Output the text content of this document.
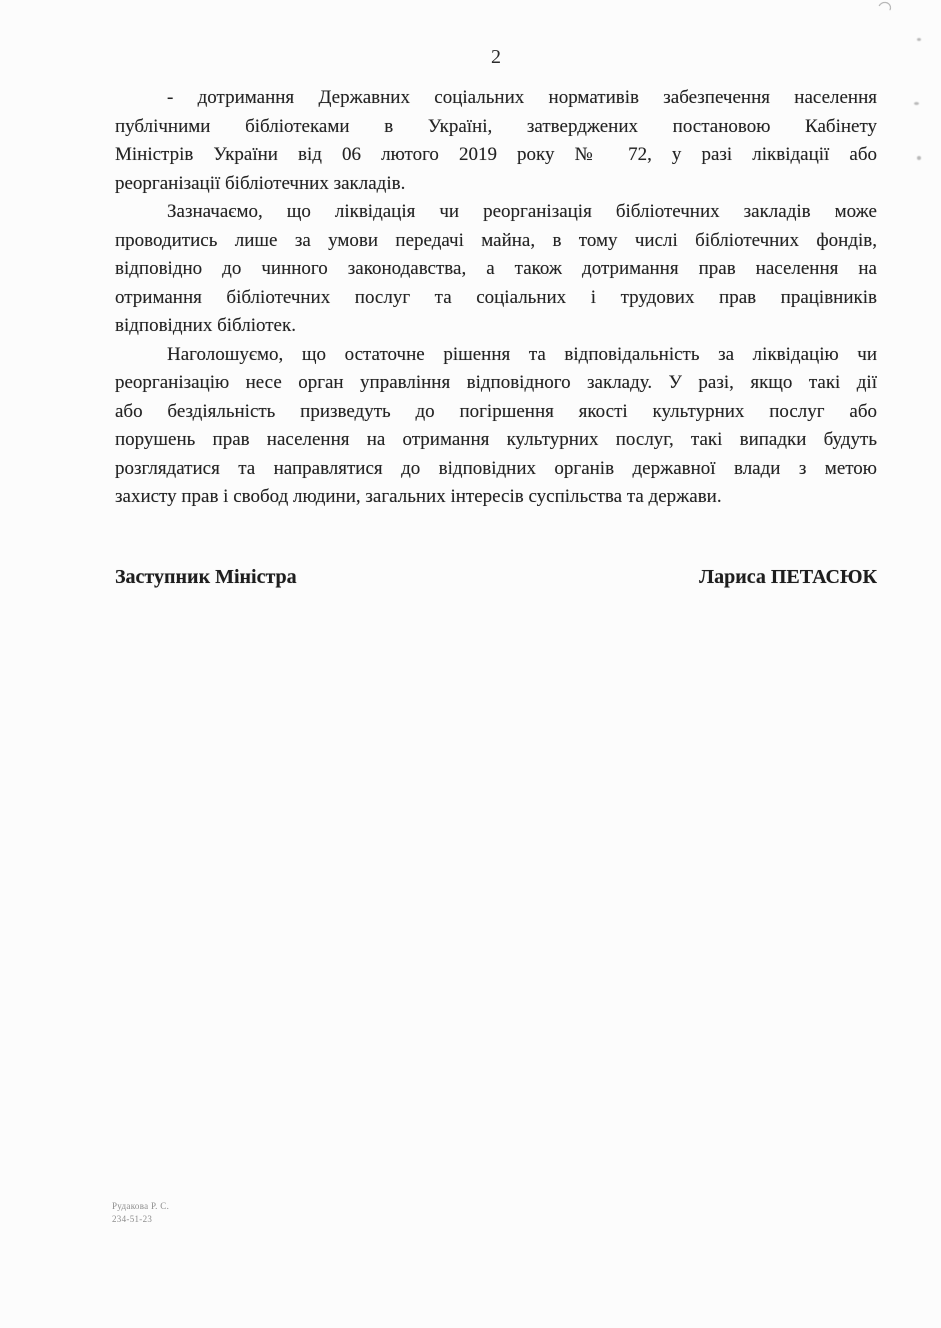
2
- дотримання Державних соціальних нормативів забезпечення населення
публічними бібліотеками в Україні, затверджених постановою Кабінету
Міністрів України від 06 лютого 2019 року № 72, у разі ліквідації або
реорганізації бібліотечних закладів.
Зазначаємо, що ліквідація чи реорганізація бібліотечних закладів може
проводитись лише за умови передачі майна, в тому числі бібліотечних фондів,
відповідно до чинного законодавства, а також дотримання прав населення на
отримання бібліотечних послуг та соціальних і трудових прав працівників
відповідних бібліотек.
Наголошуємо, що остаточне рішення та відповідальність за ліквідацію чи
реорганізацію несе орган управління відповідного закладу. У разі, якщо такі дії
або бездіяльність призведуть до погіршення якості культурних послуг або
порушень прав населення на отримання культурних послуг, такі випадки будуть
розглядатися та направлятися до відповідних органів державної влади з метою
захисту прав і свобод людини, загальних інтересів суспільства та держави.
Заступник Міністра	Лариса ПЕТАСЮК
Рудакова Р. С.
234-51-23
